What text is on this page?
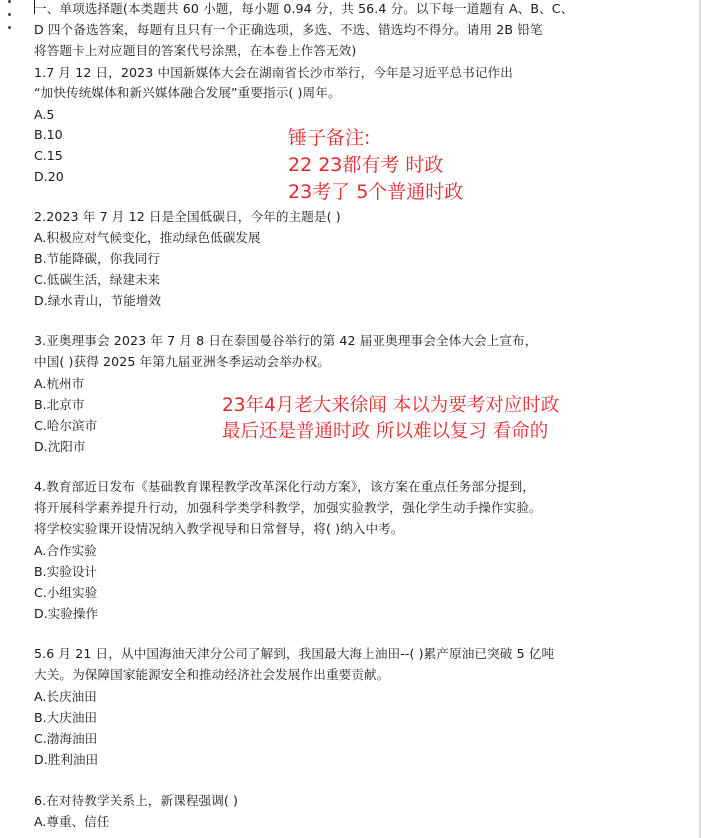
一、单项选择题(本类题共 60 小题，每小题 0.94 分，共 56.4 分。以下每一道题有 A、B、C、
D 四个备选答案，每题有且只有一个正确选项，多选、不选、错选均不得分。请用 2B 铅笔
将答题卡上对应题目的答案代号涂黑，在本卷上作答无效)
1.7 月 12 日，2023 中国新媒体大会在湖南省长沙市举行，今年是习近平总书记作出
“加快传统媒体和新兴媒体融合发展”重要指示( )周年。
A.5
B.10
C.15
D.20
2.2023 年 7 月 12 日是全国低碳日，今年的主题是( )
A.积极应对气候变化，推动绿色低碳发展
B.节能降碳，你我同行
C.低碳生活，绿建未来
D.绿水青山，节能增效
3.亚奥理事会 2023 年 7 月 8 日在泰国曼谷举行的第 42 届亚奥理事会全体大会上宣布，
中国( )获得 2025 年第九届亚洲冬季运动会举办权。
A.杭州市
B.北京市
C.哈尔滨市
D.沈阳市
4.教育部近日发布《基础教育课程教学改革深化行动方案》，该方案在重点任务部分提到，
将开展科学素养提升行动，加强科学类学科教学，加强实验教学，强化学生动手操作实验。
将学校实验课开设情况纳入教学视导和日常督导，将( )纳入中考。
A.合作实验
B.实验设计
C.小组实验
D.实验操作
5.6 月 21 日，从中国海油天津分公司了解到，我国最大海上油田--( )累产原油已突破 5 亿吨
大关。为保障国家能源安全和推动经济社会发展作出重要贡献。
A.长庆油田
B.大庆油田
C.渤海油田
D.胜利油田
6.在对待教学关系上，新课程强调( )
A.尊重、信任
锤子备注:
22 23都有考 时政
23考了 5个普通时政
23年4月老大来徐闻 本以为要考对应时政
最后还是普通时政 所以难以复习 看命的
